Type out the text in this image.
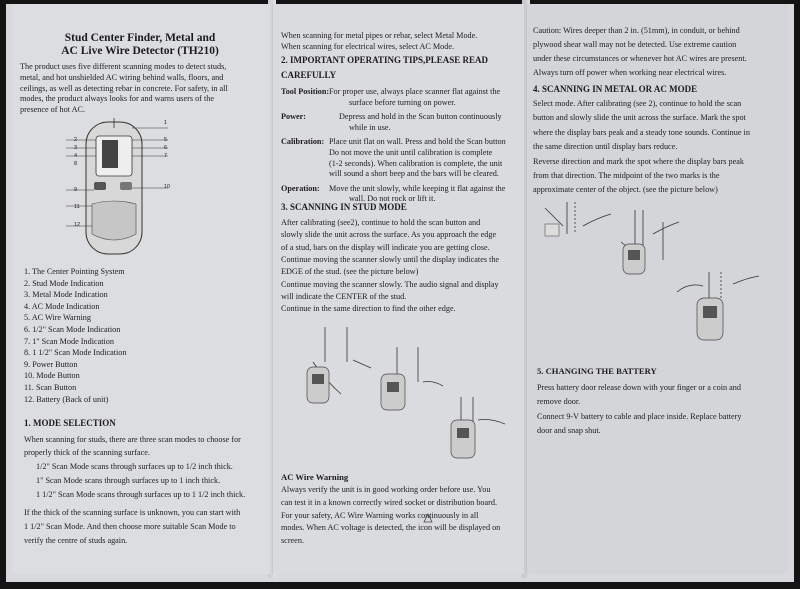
Stud Center Finder, Metal and
AC Live Wire Detector (TH210)
The product uses five different scanning modes to detect studs,
metal, and hot unshielded AC wiring behind walls, floors, and
ceilings, as well as detecting rebar in concrete. For safety, in all
modes, the product always looks for and warns users of the
presence of hot AC.
1
2
3
4
5
6
7
8
9	10
11
12
1. The Center Pointing System
2. Stud Mode Indication
3. Metal Mode Indication
4. AC Mode Indication
5. AC Wire Warning
6. 1/2" Scan Mode Indication
7. 1" Scan Mode Indication
8. 1 1/2" Scan Mode Indication
9. Power Button
10. Mode Button
11. Scan Button
12. Battery (Back of unit)
1. MODE SELECTION
When scanning for studs, there are three scan modes to choose for
properly thick of the scanning surface.
1/2" Scan Mode scans through surfaces up to 1/2 inch thick.
1" Scan Mode scans through surfaces up to 1 inch thick.
1 1/2" Scan Mode scans through surfaces up to 1 1/2 inch thick.
If the thick of the scanning surface is unknown, you can start with
1 1/2" Scan Mode. And then choose more suitable Scan Mode to
verify the centre of studs again.
When scanning for metal pipes or rebar, select Metal Mode.
When scanning for electrical wires, select AC Mode.
2. IMPORTANT OPERATING TIPS,PLEASE READ
CAREFULLY
Tool Position: For proper use, always place scanner flat against the
surface before turning on power.
Power:	Depress and hold in the Scan button continuously
while in use.
Calibration: Place unit flat on wall. Press and hold the Scan button
Do not move the unit until calibration is complete
(1-2 seconds). When calibration is complete, the unit
will sound a short beep and the bars will be cleared.
Operation: Move the unit slowly, while keeping it flat against the
wall. Do not rock or lift it.
3. SCANNING IN STUD MODE
After calibrating (see2), continue to hold the scan button and
slowly slide the unit across the surface. As you approach the edge
of a stud, bars on the display will indicate you are getting close.
Continue moving the scanner slowly until the display indicates the
EDGE of the stud. (see the picture below)
Continue moving the scanner slowly. The audio signal and display
will indicate the CENTER of the stud.
Continue in the same direction to find the other edge.
AC Wire Warning
Always verify the unit is in good working order before use. You
can test it in a known correctly wired socket or distribution board.
For your safety, AC Wire Warning works continuously in all
modes. When AC voltage is detected, the icon will be displayed on
screen.
Caution: Wires deeper than 2 in. (51mm), in conduit, or behind
plywood shear wall may not be detected. Use extreme caution
under these circumstances or whenever hot AC wires are present.
Always turn off power when working near electrical wires.
4. SCANNING IN METAL OR AC MODE
Select mode. After calibrating (see 2), continue to hold the scan
button and slowly slide the unit across the surface. Mark the spot
where the display bars peak and a steady tone sounds. Continue in
the same direction until display bars reduce.
Reverse direction and mark the spot where the display bars peak
from that direction. The midpoint of the two marks is the
approximate center of the object. (see the picture below)
5. CHANGING THE BATTERY
Press battery door release down with your finger or a coin and
remove door.
Connect 9-V battery to cable and place inside. Replace battery
door and snap shut.
